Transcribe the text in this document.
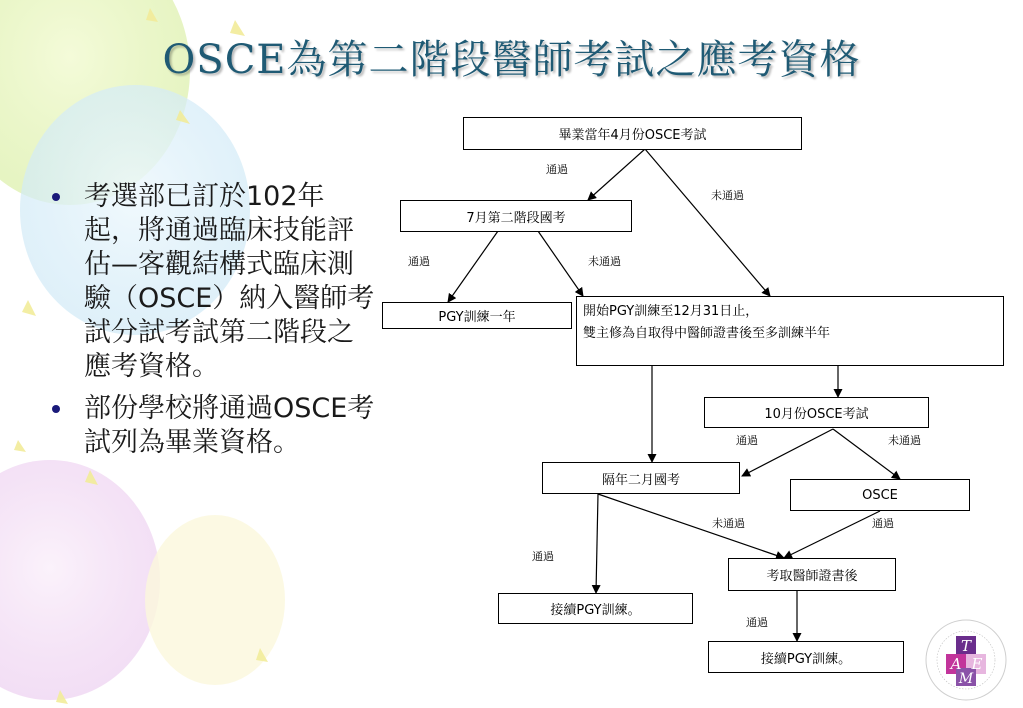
OSCE為第二階段醫師考試之應考資格
考選部已訂於102年起，將通過臨床技能評估—客觀結構式臨床測驗（OSCE）納入醫師考試分試考試第二階段之應考資格。
部份學校將通過OSCE考試列為畢業資格。
畢業當年4月份OSCE考試
7月第二階段國考
PGY訓練一年	開始PGY訓練至12月31日止，
雙主修為自取得中醫師證書後至多訓練半年
10月份OSCE考試
隔年二月國考
OSCE
考取醫師證書後
接續PGY訓練。
接續PGY訓練。
通過
未通過
通過	未通過
通過	未通過
未通過	通過
通過
通過
T
A E
M
